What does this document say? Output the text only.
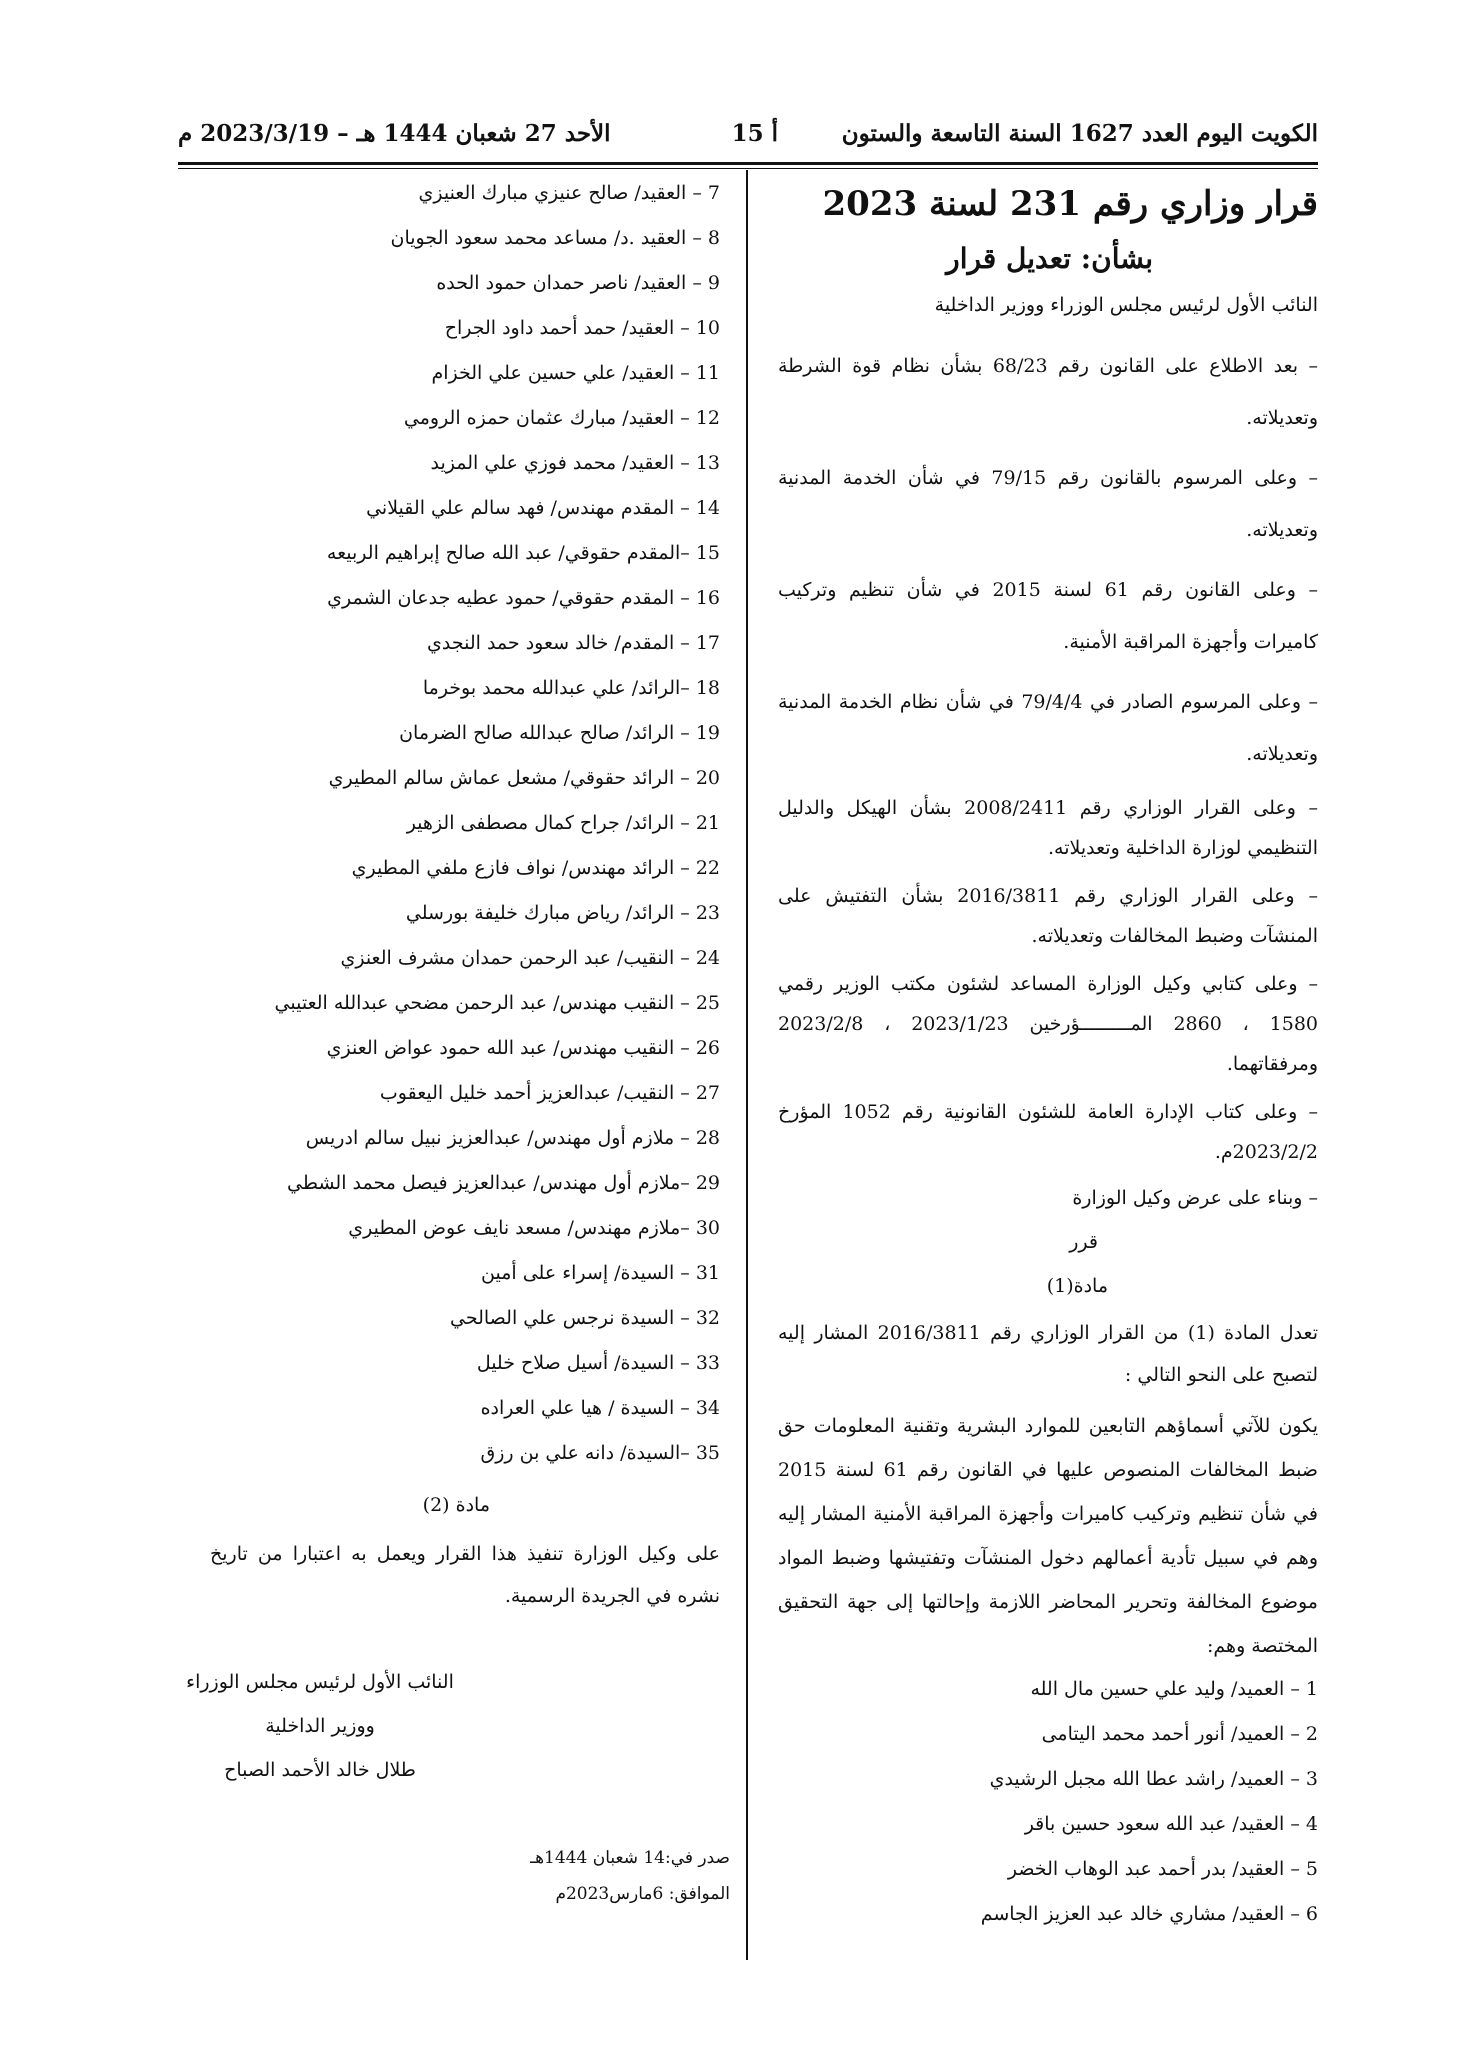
الكويت اليوم العدد 1627 السنة التاسعة والستون
أ 15
الأحد 27 شعبان 1444 هـ – 2023/3/19 م
قرار وزاري رقم 231 لسنة 2023
بشأن: تعديل قرار
النائب الأول لرئيس مجلس الوزراء ووزير الداخلية
– بعد الاطلاع على القانون رقم 68/23 بشأن نظام قوة الشرطة وتعديلاته.
– وعلى المرسوم بالقانون رقم 79/15 في شأن الخدمة المدنية وتعديلاته.
– وعلى القانون رقم 61 لسنة 2015 في شأن تنظيم وتركيب كاميرات وأجهزة المراقبة الأمنية.
– وعلى المرسوم الصادر في 79/4/4 في شأن نظام الخدمة المدنية وتعديلاته.
– وعلى القرار الوزاري رقم 2008/2411 بشأن الهيكل والدليل التنظيمي لوزارة الداخلية وتعديلاته.
– وعلى القرار الوزاري رقم 2016/3811 بشأن التفتيش على المنشآت وضبط المخالفات وتعديلاته.
– وعلى كتابي وكيل الوزارة المساعد لشئون مكتب الوزير رقمي 1580 ، 2860 المـــــــــؤرخين 2023/1/23 ، 2023/2/8 ومرفقاتهما.
– وعلى كتاب الإدارة العامة للشئون القانونية رقم 1052 المؤرخ 2023/2/2م.
– وبناء على عرض وكيل الوزارة
قرر
مادة(1)
تعدل المادة (1) من القرار الوزاري رقم 2016/3811 المشار إليه لتصبح على النحو التالي :
يكون للآتي أسماؤهم التابعين للموارد البشرية وتقنية المعلومات حق ضبط المخالفات المنصوص عليها في القانون رقم 61 لسنة 2015 في شأن تنظيم وتركيب كاميرات وأجهزة المراقبة الأمنية المشار إليه وهم في سبيل تأدية أعمالهم دخول المنشآت وتفتيشها وضبط المواد موضوع المخالفة وتحرير المحاضر اللازمة وإحالتها إلى جهة التحقيق المختصة وهم:
1 – العميد/ وليد علي حسين مال الله
2 – العميد/ أنور أحمد محمد اليتامى
3 – العميد/ راشد عطا الله مجبل الرشيدي
4 – العقيد/ عبد الله سعود حسين باقر
5 – العقيد/ بدر أحمد عبد الوهاب الخضر
6 – العقيد/ مشاري خالد عبد العزيز الجاسم
7 – العقيد/ صالح عنيزي مبارك العنيزي
8 – العقيد .د/ مساعد محمد سعود الجويان
9 – العقيد/ ناصر حمدان حمود الحده
10 – العقيد/ حمد أحمد داود الجراح
11 – العقيد/ علي حسين علي الخزام
12 – العقيد/ مبارك عثمان حمزه الرومي
13 – العقيد/ محمد فوزي علي المزيد
14 – المقدم مهندس/ فهد سالم علي القيلاني
15 –المقدم حقوقي/ عبد الله صالح إبراهيم الربيعه
16 – المقدم حقوقي/ حمود عطيه جدعان الشمري
17 – المقدم/ خالد سعود حمد النجدي
18 –الرائد/ علي عبدالله محمد بوخرما
19 – الرائد/ صالح عبدالله صالح الضرمان
20 – الرائد حقوقي/ مشعل عماش سالم المطيري
21 – الرائد/ جراح كمال مصطفى الزهير
22 – الرائد مهندس/ نواف فازع ملفي المطيري
23 – الرائد/ رياض مبارك خليفة بورسلي
24 – النقيب/ عبد الرحمن حمدان مشرف العنزي
25 – النقيب مهندس/ عبد الرحمن مضحي عبدالله العتيبي
26 – النقيب مهندس/ عبد الله حمود عواض العنزي
27 – النقيب/ عبدالعزيز أحمد خليل اليعقوب
28 – ملازم أول مهندس/ عبدالعزيز نبيل سالم ادريس
29 –ملازم أول مهندس/ عبدالعزيز فيصل محمد الشطي
30 –ملازم مهندس/ مسعد نايف عوض المطيري
31 – السيدة/ إسراء على أمين
32 – السيدة نرجس علي الصالحي
33 – السيدة/ أسيل صلاح خليل
34 – السيدة / هيا علي العراده
35 –السيدة/ دانه علي بن رزق
مادة (2)
على وكيل الوزارة تنفيذ هذا القرار ويعمل به اعتبارا من تاريخ نشره في الجريدة الرسمية.
النائب الأول لرئيس مجلس الوزراء
ووزير الداخلية
طلال خالد الأحمد الصباح
صدر في:14 شعبان 1444هـ
الموافق: 6مارس2023م
